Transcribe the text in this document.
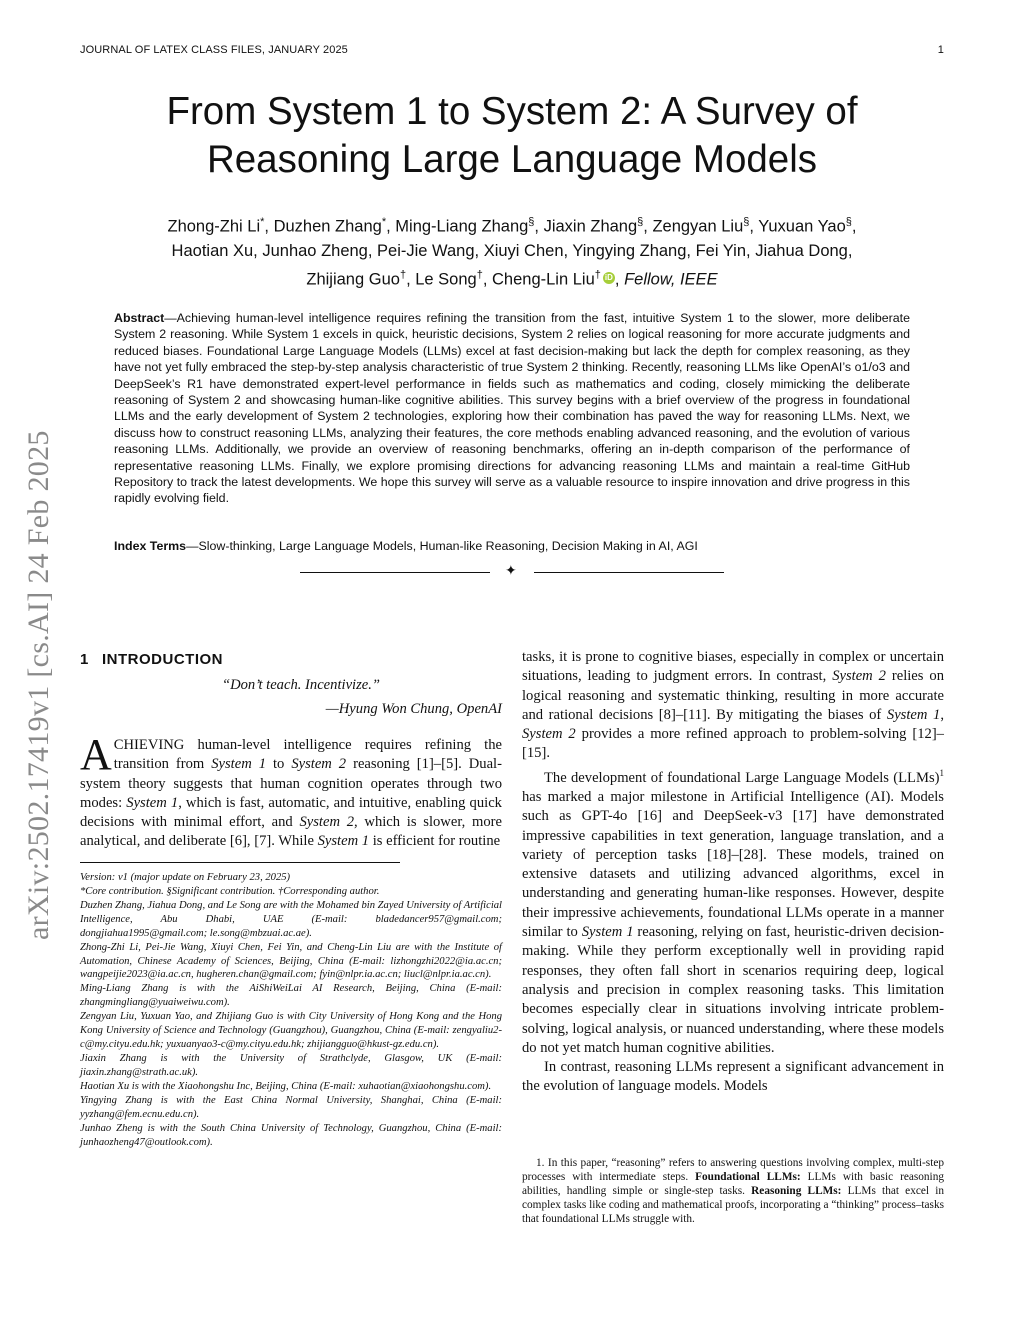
JOURNAL OF LATEX CLASS FILES, JANUARY 2025	1
arXiv:2502.17419v1 [cs.AI] 24 Feb 2025
From System 1 to System 2: A Survey of
Reasoning Large Language Models
Zhong-Zhi Li*, Duzhen Zhang*, Ming-Liang Zhang§, Jiaxin Zhang§, Zengyan Liu§, Yuxuan Yao§,
Haotian Xu, Junhao Zheng, Pei-Jie Wang, Xiuyi Chen, Yingying Zhang, Fei Yin, Jiahua Dong,
Zhijiang Guo†, Le Song†, Cheng-Lin Liu† iD , Fellow, IEEE

Abstract—Achieving human-level intelligence requires refining the transition from the fast, intuitive System 1 to the slower, more deliberate System 2 reasoning. While System 1 excels in quick, heuristic decisions, System 2 relies on logical reasoning for more accurate judgments and reduced biases. Foundational Large Language Models (LLMs) excel at fast decision-making but lack the depth for complex reasoning, as they have not yet fully embraced the step-by-step analysis characteristic of true System 2 thinking. Recently, reasoning LLMs like OpenAI’s o1/o3 and DeepSeek’s R1 have demonstrated expert-level performance in fields such as mathematics and coding, closely mimicking the deliberate reasoning of System 2 and showcasing human-like cognitive abilities. This survey begins with a brief overview of the progress in foundational LLMs and the early development of System 2 technologies, exploring how their combination has paved the way for reasoning LLMs. Next, we discuss how to construct reasoning LLMs, analyzing their features, the core methods enabling advanced reasoning, and the evolution of various reasoning LLMs. Additionally, we provide an overview of reasoning benchmarks, offering an in-depth comparison of the performance of representative reasoning LLMs. Finally, we explore promising directions for advancing reasoning LLMs and maintain a real-time GitHub Repository to track the latest developments. We hope this survey will serve as a valuable resource to inspire innovation and drive progress in this rapidly evolving field.

Index Terms—Slow-thinking, Large Language Models, Human-like Reasoning, Decision Making in AI, AGI

✦
1 INTRODUCTION

“Don’t teach. Incentivize.”

—Hyung Won Chung, OpenAI

ACHIEVING human-level intelligence requires refining the transition from System 1 to System 2 reasoning [1]–[5]. Dual-system theory suggests that human cognition operates through two modes: System 1, which is fast, automatic, and intuitive, enabling quick decisions with minimal effort, and System 2, which is slower, more analytical, and deliberate [6], [7]. While System 1 is efficient for routine

Version: v1 (major update on February 23, 2025)

*Core contribution. §Significant contribution. †Corresponding author.

Duzhen Zhang, Jiahua Dong, and Le Song are with the Mohamed bin Zayed University of Artificial Intelligence, Abu Dhabi, UAE (E-mail: bladedancer957@gmail.com; dongjiahua1995@gmail.com; le.song@mbzuai.ac.ae).

Zhong-Zhi Li, Pei-Jie Wang, Xiuyi Chen, Fei Yin, and Cheng-Lin Liu are with the Institute of Automation, Chinese Academy of Sciences, Beijing, China (E-mail: lizhongzhi2022@ia.ac.cn; wangpeijie2023@ia.ac.cn, hugheren.chan@gmail.com; fyin@nlpr.ia.ac.cn; liucl@nlpr.ia.ac.cn).

Ming-Liang Zhang is with the AiShiWeiLai AI Research, Beijing, China (E-mail: zhangmingliang@yuaiweiwu.com).

Zengyan Liu, Yuxuan Yao, and Zhijiang Guo is with City University of Hong Kong and the Hong Kong University of Science and Technology (Guangzhou), Guangzhou, China (E-mail: zengyaliu2-c@my.cityu.edu.hk; yuxuanyao3-c@my.cityu.edu.hk; zhijiangguo@hkust-gz.edu.cn).

Jiaxin Zhang is with the University of Strathclyde, Glasgow, UK (E-mail: jiaxin.zhang@strath.ac.uk).

Haotian Xu is with the Xiaohongshu Inc, Beijing, China (E-mail: xuhaotian@xiaohongshu.com).

Yingying Zhang is with the East China Normal University, Shanghai, China (E-mail: yyzhang@fem.ecnu.edu.cn).

Junhao Zheng is with the South China University of Technology, Guangzhou, China (E-mail: junhaozheng47@outlook.com).

tasks, it is prone to cognitive biases, especially in complex or uncertain situations, leading to judgment errors. In contrast, System 2 relies on logical reasoning and systematic thinking, resulting in more accurate and rational decisions [8]–[11]. By mitigating the biases of System 1, System 2 provides a more refined approach to problem-solving [12]–[15].

The development of foundational Large Language Models (LLMs)$^1$ has marked a major milestone in Artificial Intelligence (AI). Models such as GPT-4o [16] and DeepSeek-v3 [17] have demonstrated impressive capabilities in text generation, language translation, and a variety of perception tasks [18]–[28]. These models, trained on extensive datasets and utilizing advanced algorithms, excel in understanding and generating human-like responses. However, despite their impressive achievements, foundational LLMs operate in a manner similar to System 1 reasoning, relying on fast, heuristic-driven decision-making. While they perform exceptionally well in providing rapid responses, they often fall short in scenarios requiring deep, logical analysis and precision in complex reasoning tasks. This limitation becomes especially clear in situations involving intricate problem-solving, logical analysis, or nuanced understanding, where these models do not yet match human cognitive abilities.

In contrast, reasoning LLMs represent a significant advancement in the evolution of language models. Models

1. In this paper, “reasoning” refers to answering questions involving complex, multi-step processes with intermediate steps. Foundational LLMs: LLMs with basic reasoning abilities, handling simple or single-step tasks. Reasoning LLMs: LLMs that excel in complex tasks like coding and mathematical proofs, incorporating a “thinking” process–tasks that foundational LLMs struggle with.
